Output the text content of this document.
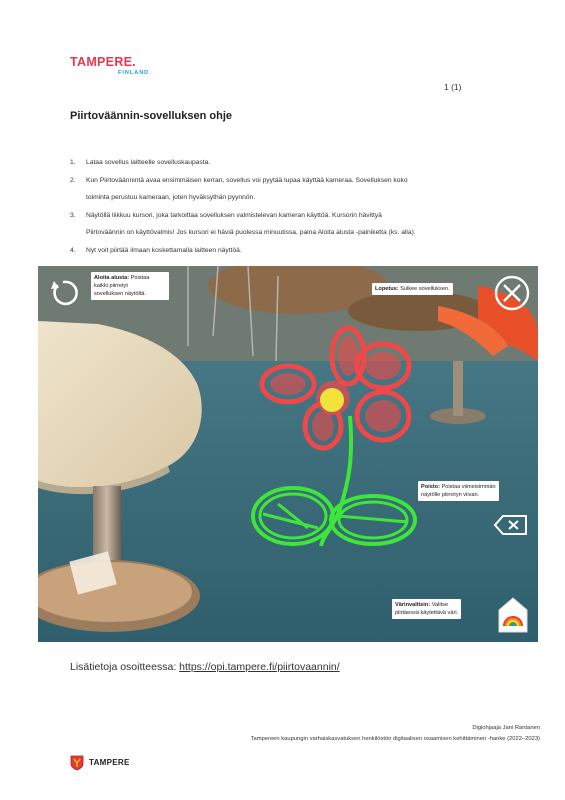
TAMPERE.
FINLAND
1 (1)
Piirtoväännin-sovelluksen ohje
1. Lataa sovellus laitteelle sovelluskaupasta.
2. Kun Piirtoväännintä avaa ensimmäisen kerran, sovellus voi pyytää lupaa käyttää kameraa. Sovelluksen koko
toiminta perustuu kameraan, joten hyväksythän pyynnön.
3. Näytöllä liikkuu kursori, joka tarkoittaa sovelluksen valmistelevan kameran käyttöä. Kursorin hävittyä
Piirtoväännin on käyttövalmis! Jos kursori ei häviä puolessa minuutissa, paina Aloita alusta -painiketta (ks. alla).
4. Nyt voit piirtää ilmaan koskettamalla laitteen näyttöä.
Aloita alusta: Poistaa
kaikki piirretyt
sovelluksen näytöltä.
Lopetus: Sulkee sovelluksen.
Poisto: Poistaa viimeisimmän
näytölle piirretyn viivan.
Värinvalitsin: Valitse
piirtäessä käytettävä väri.

Lisätietoja osoitteessa: https://opi.tampere.fi/piirtovaannin/

Digiohjaaja Jani Rantanen
Tampereen kaupungin varhaiskasvatuksen henkilöstön digitaalisen osaamisen kehittäminen -hanke (2022–2023)
TAMPERE
